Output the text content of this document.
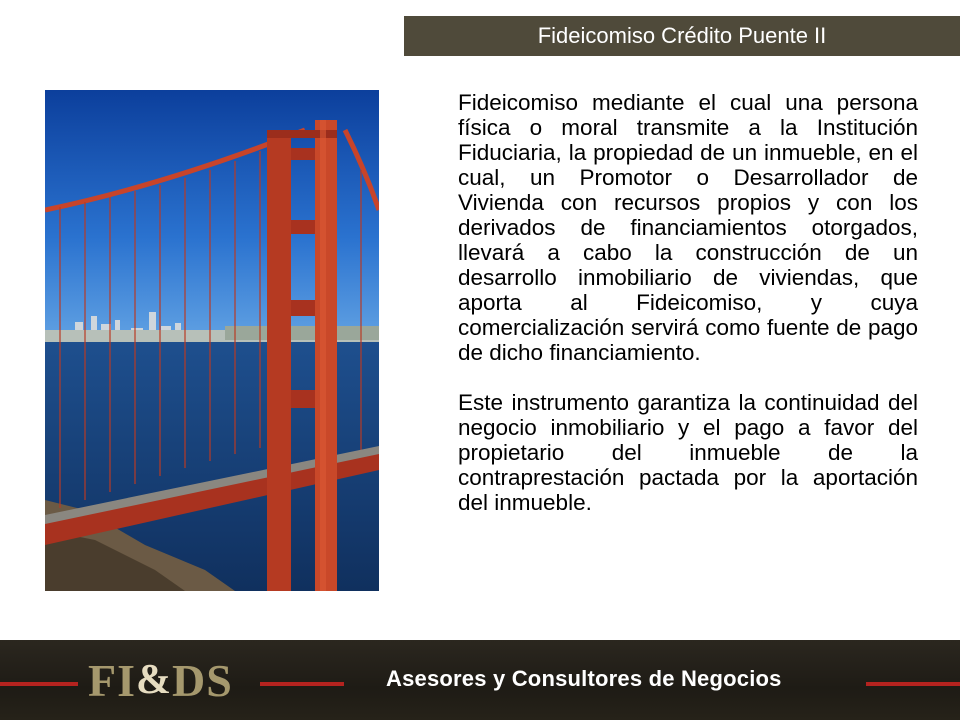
Fideicomiso Crédito Puente II

Fideicomiso mediante el cual una persona física o moral transmite a la Institución Fiduciaria, la propiedad de un inmueble, en el cual, un Promotor o Desarrollador de Vivienda con recursos propios y con los derivados de financiamientos otorgados, llevará a cabo la construcción de un desarrollo inmobiliario de viviendas, que aporta al Fideicomiso, y cuya comercialización servirá como fuente de pago de dicho financiamiento.

Este instrumento garantiza la continuidad del negocio inmobiliario y el pago a favor del propietario del inmueble de la contraprestación pactada por la aportación del inmueble.

FI & DS	Asesores y Consultores de Negocios
